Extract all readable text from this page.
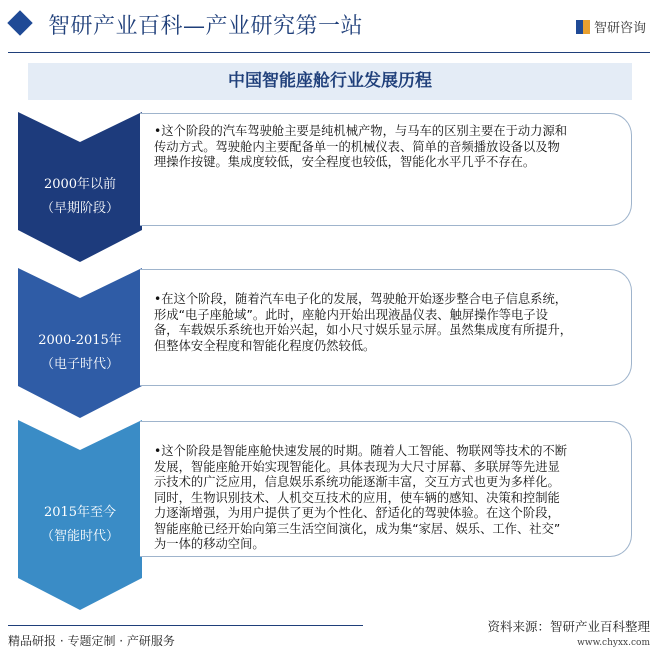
智研产业百科—产业研究第一站	智研咨询
中国智能座舱行业发展历程
2000年以前
（早期阶段）
•这个阶段的汽车驾驶舱主要是纯机械产物，与马车的区别主要在于动力源和
传动方式。驾驶舱内主要配备单一的机械仪表、简单的音频播放设备以及物
理操作按键。集成度较低，安全程度也较低，智能化水平几乎不存在。
2000-2015年
（电子时代）
•在这个阶段，随着汽车电子化的发展，驾驶舱开始逐步整合电子信息系统，
形成“电子座舱域”。此时，座舱内开始出现液晶仪表、触屏操作等电子设
备，车载娱乐系统也开始兴起，如小尺寸娱乐显示屏。虽然集成度有所提升，
但整体安全程度和智能化程度仍然较低。
2015年至今
（智能时代）
•这个阶段是智能座舱快速发展的时期。随着人工智能、物联网等技术的不断
发展，智能座舱开始实现智能化。具体表现为大尺寸屏幕、多联屏等先进显
示技术的广泛应用，信息娱乐系统功能逐渐丰富，交互方式也更为多样化。
同时，生物识别技术、人机交互技术的应用，使车辆的感知、决策和控制能
力逐渐增强，为用户提供了更为个性化、舒适化的驾驶体验。在这个阶段，
智能座舱已经开始向第三生活空间演化，成为集“家居、娱乐、工作、社交”
为一体的移动空间。
精品研报 · 专题定制 · 产研服务
资料来源：智研产业百科整理
www.chyxx.com
